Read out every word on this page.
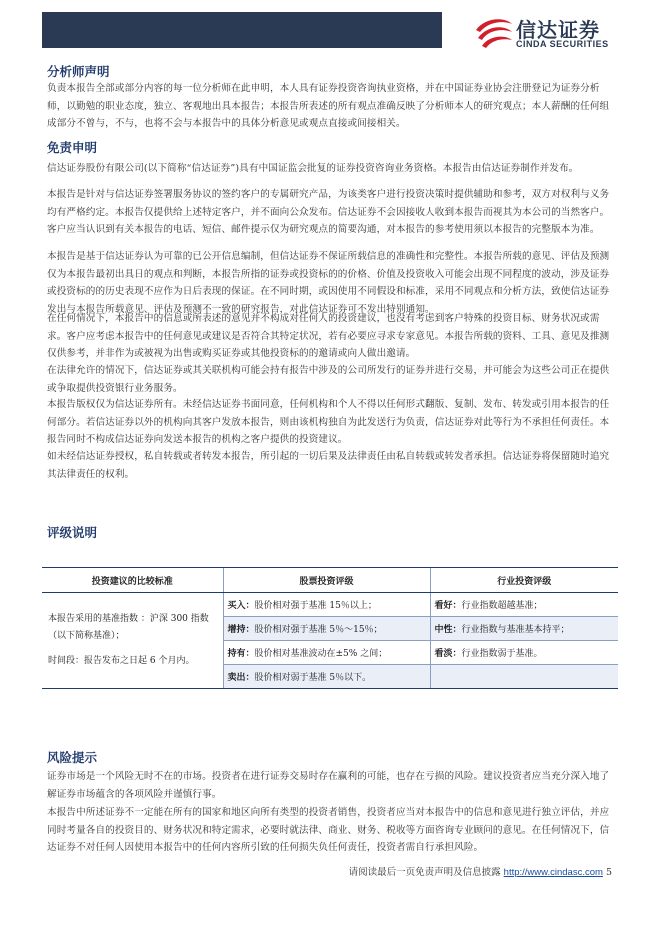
信达证券
CINDA SECURITIES
分析师声明

负责本报告全部或部分内容的每一位分析师在此申明，本人具有证券投资咨询执业资格，并在中国证券业协会注册登记为证券分析师，以勤勉的职业态度，独立、客观地出具本报告；本报告所表述的所有观点准确反映了分析师本人的研究观点；本人薪酬的任何组成部分不曾与，不与，也将不会与本报告中的具体分析意见或观点直接或间接相关。

免责申明

信达证券股份有限公司(以下简称“信达证券”)具有中国证监会批复的证券投资咨询业务资格。本报告由信达证券制作并发布。

本报告是针对与信达证券签署服务协议的签约客户的专属研究产品，为该类客户进行投资决策时提供辅助和参考，双方对权利与义务均有严格约定。本报告仅提供给上述特定客户，并不面向公众发布。信达证券不会因接收人收到本报告而视其为本公司的当然客户。客户应当认识到有关本报告的电话、短信、邮件提示仅为研究观点的简要沟通，对本报告的参考使用须以本报告的完整版本为准。

本报告是基于信达证券认为可靠的已公开信息编制，但信达证券不保证所载信息的准确性和完整性。本报告所载的意见、评估及预测仅为本报告最初出具日的观点和判断，本报告所指的证券或投资标的的价格、价值及投资收入可能会出现不同程度的波动，涉及证券或投资标的的历史表现不应作为日后表现的保证。在不同时期，或因使用不同假设和标准，采用不同观点和分析方法，致使信达证券发出与本报告所载意见、评估及预测不一致的研究报告，对此信达证券可不发出特别通知。

在任何情况下，本报告中的信息或所表述的意见并不构成对任何人的投资建议，也没有考虑到客户特殊的投资目标、财务状况或需求。客户应考虑本报告中的任何意见或建议是否符合其特定状况，若有必要应寻求专家意见。本报告所载的资料、工具、意见及推测仅供参考，并非作为或被视为出售或购买证券或其他投资标的的邀请或向人做出邀请。

在法律允许的情况下，信达证券或其关联机构可能会持有报告中涉及的公司所发行的证券并进行交易，并可能会为这些公司正在提供或争取提供投资银行业务服务。

本报告版权仅为信达证券所有。未经信达证券书面同意，任何机构和个人不得以任何形式翻版、复制、发布、转发或引用本报告的任何部分。若信达证券以外的机构向其客户发放本报告，则由该机构独自为此发送行为负责，信达证券对此等行为不承担任何责任。本报告同时不构成信达证券向发送本报告的机构之客户提供的投资建议。

如未经信达证券授权，私自转载或者转发本报告，所引起的一切后果及法律责任由私自转载或转发者承担。信达证券将保留随时追究其法律责任的权利。

评级说明
投资建议的比较标准	股票投资评级	行业投资评级

本报告采用的基准指数 ：沪深 300 指数（以下简称基准）；
时间段：报告发布之日起 6 个月内。	买入：股价相对强于基准 15％以上；	看好：行业指数超越基准；
	增持：股价相对强于基准 5％～15％；	中性：行业指数与基准基本持平；
	持有：股价相对基准波动在±5% 之间；	看淡：行业指数弱于基准。
	卖出：股价相对弱于基准 5％以下。	
风险提示

证券市场是一个风险无时不在的市场。投资者在进行证券交易时存在赢利的可能，也存在亏损的风险。建议投资者应当充分深入地了解证券市场蕴含的各项风险并谨慎行事。

本报告中所述证券不一定能在所有的国家和地区向所有类型的投资者销售，投资者应当对本报告中的信息和意见进行独立评估，并应同时考量各自的投资目的、财务状况和特定需求，必要时就法律、商业、财务、税收等方面咨询专业顾问的意见。在任何情况下，信达证券不对任何人因使用本报告中的任何内容所引致的任何损失负任何责任，投资者需自行承担风险。

请阅读最后一页免责声明及信息披露 http://www.cindasc.com 5
